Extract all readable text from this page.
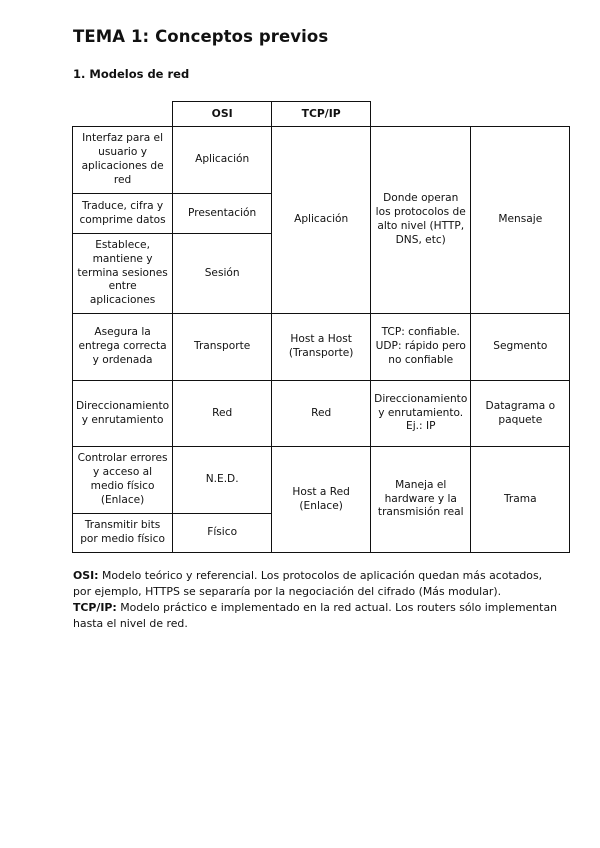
TEMA 1: Conceptos previos
1. Modelos de red
	OSI	TCP/IP		
Interfaz para el usuario y aplicaciones de red	Aplicación	Aplicación	Donde operan los protocolos de alto nivel (HTTP, DNS, etc)	Mensaje
Traduce, cifra y comprime datos	Presentación			
Establece, mantiene y termina sesiones entre aplicaciones	Sesión			
Asegura la entrega correcta y ordenada	Transporte	Host a Host (Transporte)	TCP: confiable. UDP: rápido pero no confiable	Segmento
Direccionamiento y enrutamiento	Red	Red	Direccionamiento y enrutamiento. Ej.: IP	Datagrama o paquete
Controlar errores y acceso al medio físico (Enlace)	N.E.D.	Host a Red (Enlace)	Maneja el hardware y la transmisión real	Trama
Transmitir bits por medio físico	Físico			

OSI: Modelo teórico y referencial. Los protocolos de aplicación quedan más acotados, por ejemplo, HTTPS se separaría por la negociación del cifrado (Más modular).

TCP/IP: Modelo práctico e implementado en la red actual. Los routers sólo implementan hasta el nivel de red.
